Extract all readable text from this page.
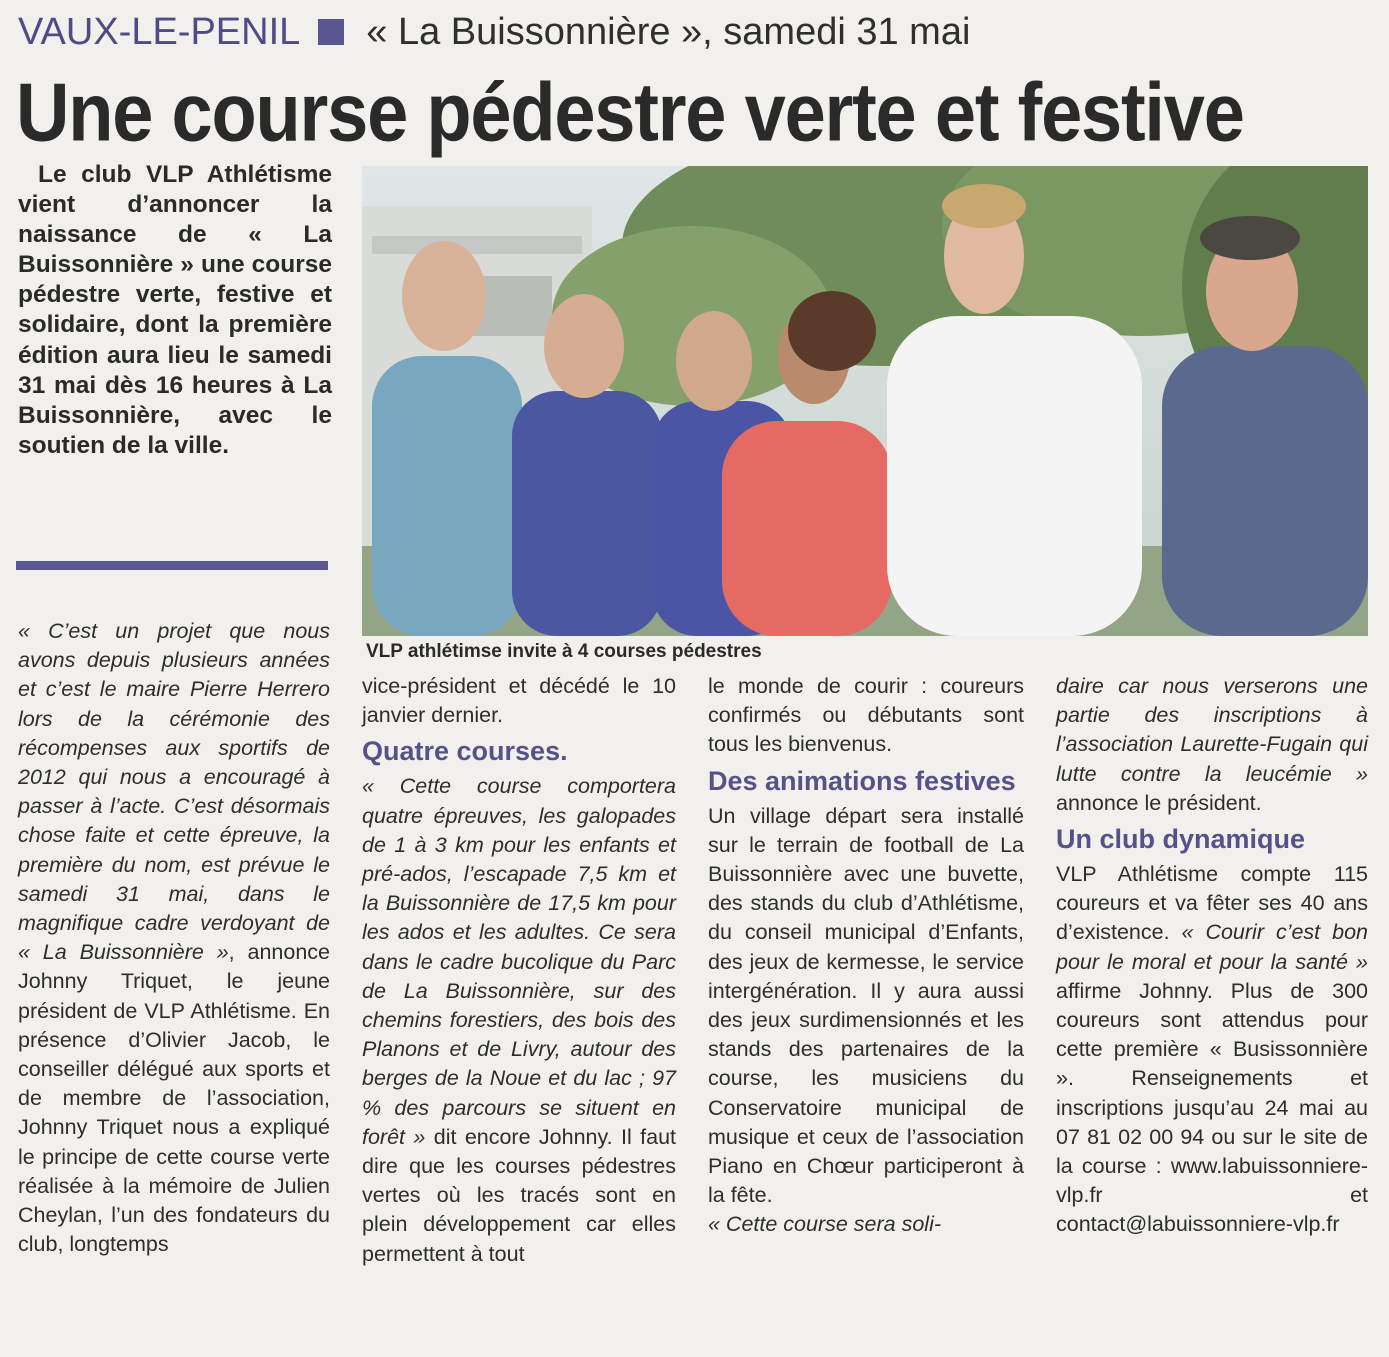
VAUX-LE-PENIL « La Buissonnière », samedi 31 mai
Une course pédestre verte et festive
Le club VLP Athlétisme vient d’annoncer la naissance de « La Buissonnière » une course pédestre verte, festive et solidaire, dont la première édition aura lieu le samedi 31 mai dès 16 heures à La Buissonnière, avec le soutien de la ville.
VLP athlétimse invite à 4 courses pédestres

« C’est un projet que nous avons depuis plusieurs années et c’est le maire Pierre Herrero lors de la cérémonie des récompenses aux sportifs de 2012 qui nous a encouragé à passer à l’acte. C’est désormais chose faite et cette épreuve, la première du nom, est prévue le samedi 31 mai, dans le magnifique cadre verdoyant de « La Buissonnière », annonce Johnny Triquet, le jeune président de VLP Athlétisme. En présence d’Olivier Jacob, le conseiller délégué aux sports et de membre de l’association, Johnny Triquet nous a expliqué le principe de cette course verte réalisée à la mémoire de Julien Cheylan, l’un des fondateurs du club, longtemps

vice-président et décédé le 10 janvier dernier.

Quatre courses.

« Cette course comportera quatre épreuves, les galopades de 1 à 3 km pour les enfants et pré-ados, l’escapade 7,5 km et la Buissonnière de 17,5 km pour les ados et les adultes. Ce sera dans le cadre bucolique du Parc de La Buissonnière, sur des chemins forestiers, des bois des Planons et de Livry, autour des berges de la Noue et du lac ; 97 % des parcours se situent en forêt » dit encore Johnny. Il faut dire que les courses pédestres vertes où les tracés sont en plein développement car elles permettent à tout

le monde de courir : coureurs confirmés ou débutants sont tous les bienvenus.

Des animations festives

Un village départ sera installé sur le terrain de football de La Buissonnière avec une buvette, des stands du club d’Athlétisme, du conseil municipal d’Enfants, des jeux de kermesse, le service intergénération. Il y aura aussi des jeux surdimensionnés et les stands des partenaires de la course, les musiciens du Conservatoire municipal de musique et ceux de l’association Piano en Chœur participeront à la fête.

« Cette course sera soli-

daire car nous verserons une partie des inscriptions à l’association Laurette-Fugain qui lutte contre la leucémie » annonce le président.

Un club dynamique

VLP Athlétisme compte 115 coureurs et va fêter ses 40 ans d’existence. « Courir c’est bon pour le moral et pour la santé » affirme Johnny. Plus de 300 coureurs sont attendus pour cette première « Busissonnière ». Renseignements et inscriptions jusqu’au 24 mai au 07 81 02 00 94 ou sur le site de la course : www.labuissonniere-vlp.fr et contact@labuissonniere-vlp.fr
